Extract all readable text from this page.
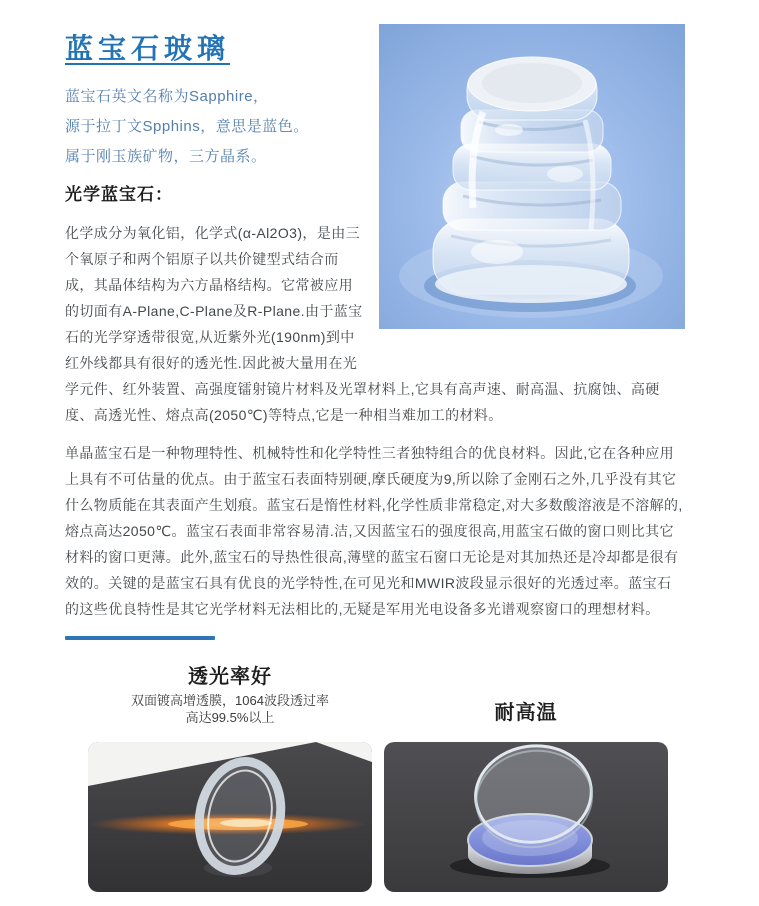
蓝宝石玻璃
蓝宝石英文名称为Sapphire，
源于拉丁文Spphins，意思是蓝色。
属于刚玉族矿物，三方晶系。
光学蓝宝石：

化学成分为氧化铝，化学式(α-Al2O3)，是由三个氧原子和两个铝原子以共价键型式结合而成，其晶体结构为六方晶格结构。它常被应用的切面有A-Plane,C-Plane及R-Plane.由于蓝宝石的光学穿透带很宽,从近紫外光(190nm)到中红外线都具有很好的透光性.因此被大量用在光学元件、红外装置、高强度镭射镜片材料及光罩材料上,它具有高声速、耐高温、抗腐蚀、高硬度、高透光性、熔点高(2050℃)等特点,它是一种相当难加工的材料。

单晶蓝宝石是一种物理特性、机械特性和化学特性三者独特组合的优良材料。因此,它在各种应用上具有不可估量的优点。由于蓝宝石表面特别硬,摩氏硬度为9,所以除了金刚石之外,几乎没有其它什么物质能在其表面产生划痕。蓝宝石是惰性材料,化学性质非常稳定,对大多数酸溶液是不溶解的,熔点高达2050℃。蓝宝石表面非常容易清.洁,又因蓝宝石的强度很高,用蓝宝石做的窗口则比其它材料的窗口更薄。此外,蓝宝石的导热性很高,薄壁的蓝宝石窗口无论是对其加热还是冷却都是很有效的。关键的是蓝宝石具有优良的光学特性,在可见光和MWIR波段显示很好的光透过率。蓝宝石的这些优良特性是其它光学材料无法相比的,无疑是军用光电设备多光谱观察窗口的理想材料。

透光率好
双面镀高增透膜，1064波段透过率
高达99.5%以上	耐高温
